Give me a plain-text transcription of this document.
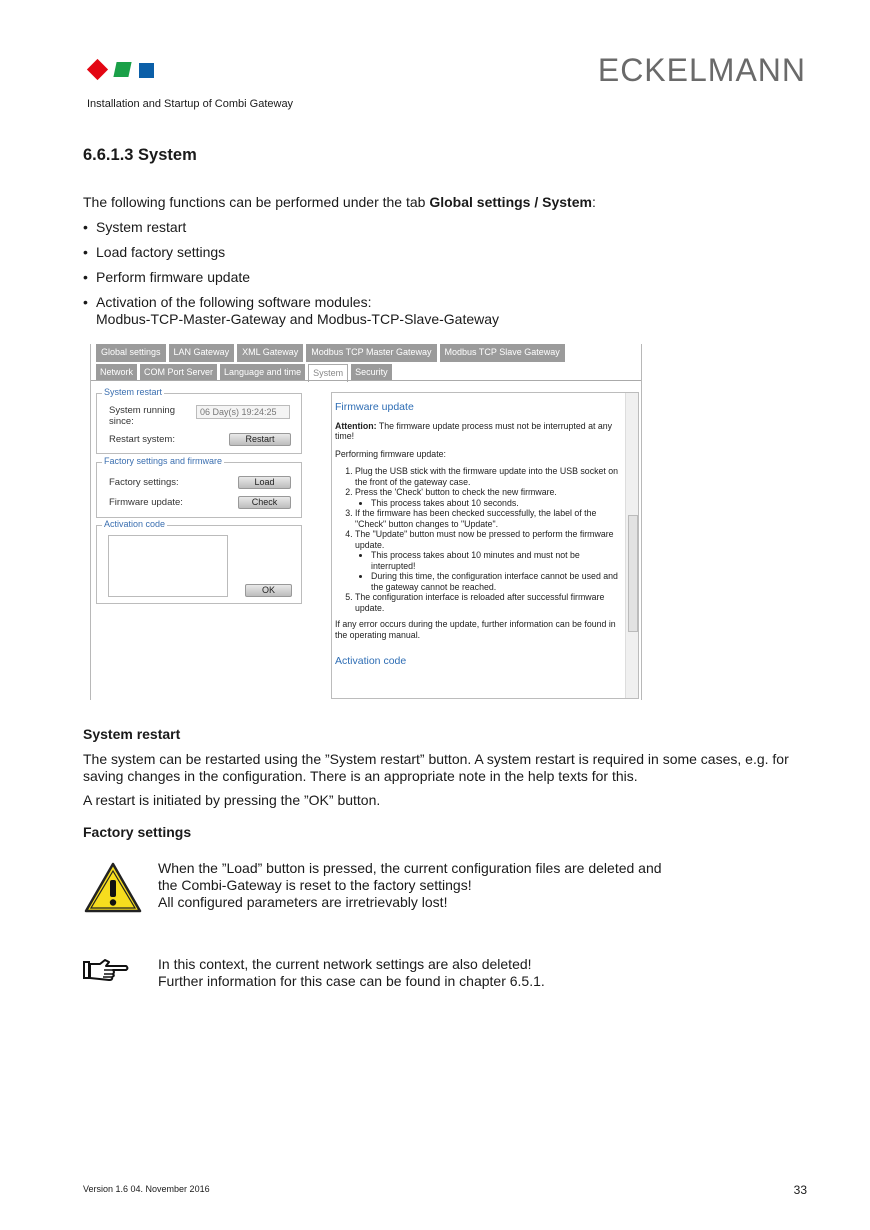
Installation and Startup of Combi Gateway
ECKELMANN
6.6.1.3 System
The following functions can be performed under the tab Global settings / System:
• System restart
• Load factory settings
• Perform firmware update
• Activation of the following software modules:
Modbus-TCP-Master-Gateway and Modbus-TCP-Slave-Gateway
Global settings	LAN Gateway	XML Gateway	Modbus TCP Master Gateway	Modbus TCP Slave Gateway
Network	COM Port Server	Language and time	System	Security
System restart
System running since:
06 Day(s) 19:24:25
Restart system:	Restart
Factory settings and firmware
Factory settings:	Load
Firmware update:	Check
Activation code
OK
Firmware update
Attention: The firmware update process must not be interrupted at any time!
Performing firmware update:
1. Plug the USB stick with the firmware update into the USB socket on the front of the gateway case.
2. Press the 'Check' button to check the new firmware.
• This process takes about 10 seconds.
3. If the firmware has been checked successfully, the label of the "Check" button changes to "Update".
4. The "Update" button must now be pressed to perform the firmware update.
• This process takes about 10 minutes and must not be interrupted!
• During this time, the configuration interface cannot be used and the gateway cannot be reached.
5. The configuration interface is reloaded after successful firmware update.
If any error occurs during the update, further information can be found in the operating manual.
Activation code
System restart
The system can be restarted using the ”System restart” button. A system restart is required in some cases, e.g. for saving changes in the configuration. There is an appropriate note in the help texts for this.
A restart is initiated by pressing the ”OK” button.
Factory settings
When the ”Load” button is pressed, the current configuration files are deleted and
the Combi-Gateway is reset to the factory settings!
All configured parameters are irretrievably lost!
In this context, the current network settings are also deleted!
Further information for this case can be found in chapter 6.5.1.
Version 1.6 04. November 2016	33
